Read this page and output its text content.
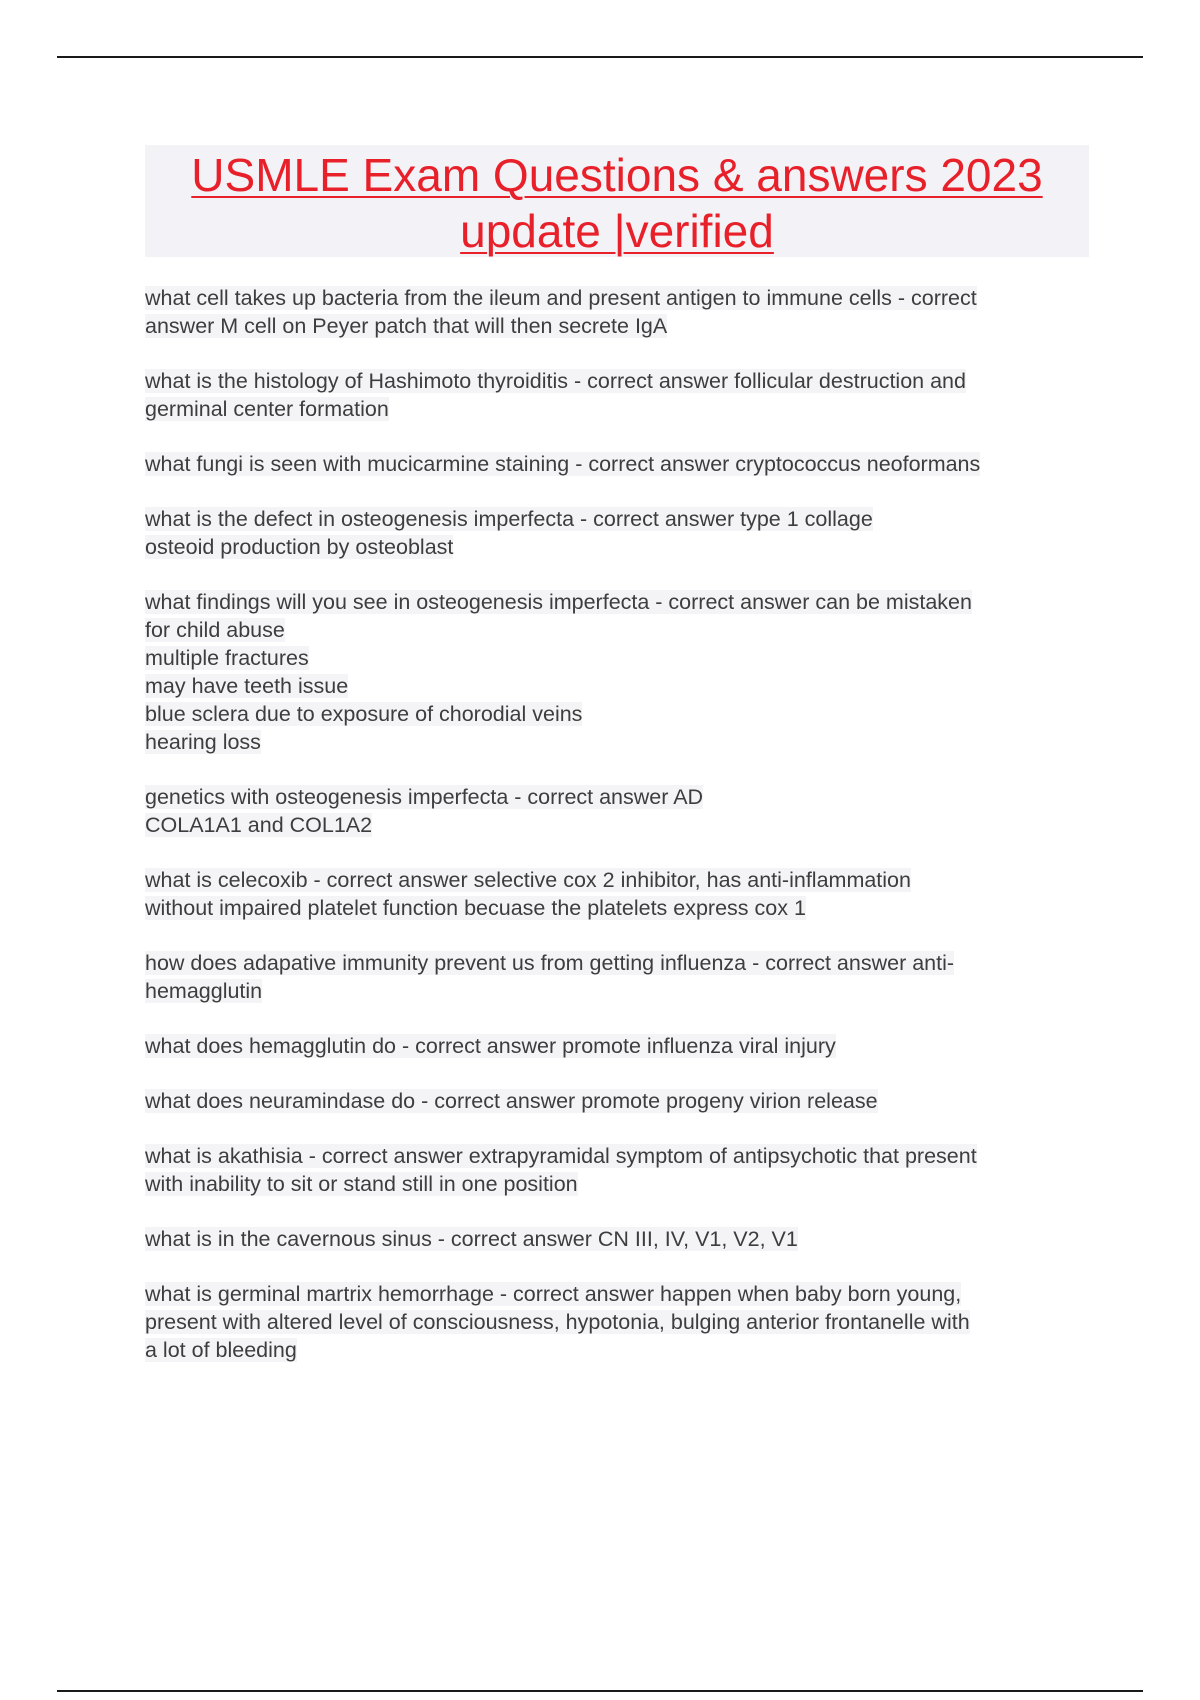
USMLE Exam Questions & answers 2023
update |verified

what cell takes up bacteria from the ileum and present antigen to immune cells - correct
answer M cell on Peyer patch that will then secrete IgA

what is the histology of Hashimoto thyroiditis - correct answer follicular destruction and
germinal center formation

what fungi is seen with mucicarmine staining - correct answer cryptococcus neoformans

what is the defect in osteogenesis imperfecta - correct answer type 1 collage
osteoid production by osteoblast

what findings will you see in osteogenesis imperfecta - correct answer can be mistaken
for child abuse
multiple fractures
may have teeth issue
blue sclera due to exposure of chorodial veins
hearing loss

genetics with osteogenesis imperfecta - correct answer AD
COLA1A1 and COL1A2

what is celecoxib - correct answer selective cox 2 inhibitor, has anti-inflammation
without impaired platelet function becuase the platelets express cox 1

how does adapative immunity prevent us from getting influenza - correct answer anti-
hemagglutin

what does hemagglutin do - correct answer promote influenza viral injury

what does neuramindase do - correct answer promote progeny virion release

what is akathisia - correct answer extrapyramidal symptom of antipsychotic that present
with inability to sit or stand still in one position

what is in the cavernous sinus - correct answer CN III, IV, V1, V2, V1

what is germinal martrix hemorrhage - correct answer happen when baby born young,
present with altered level of consciousness, hypotonia, bulging anterior frontanelle with
a lot of bleeding
